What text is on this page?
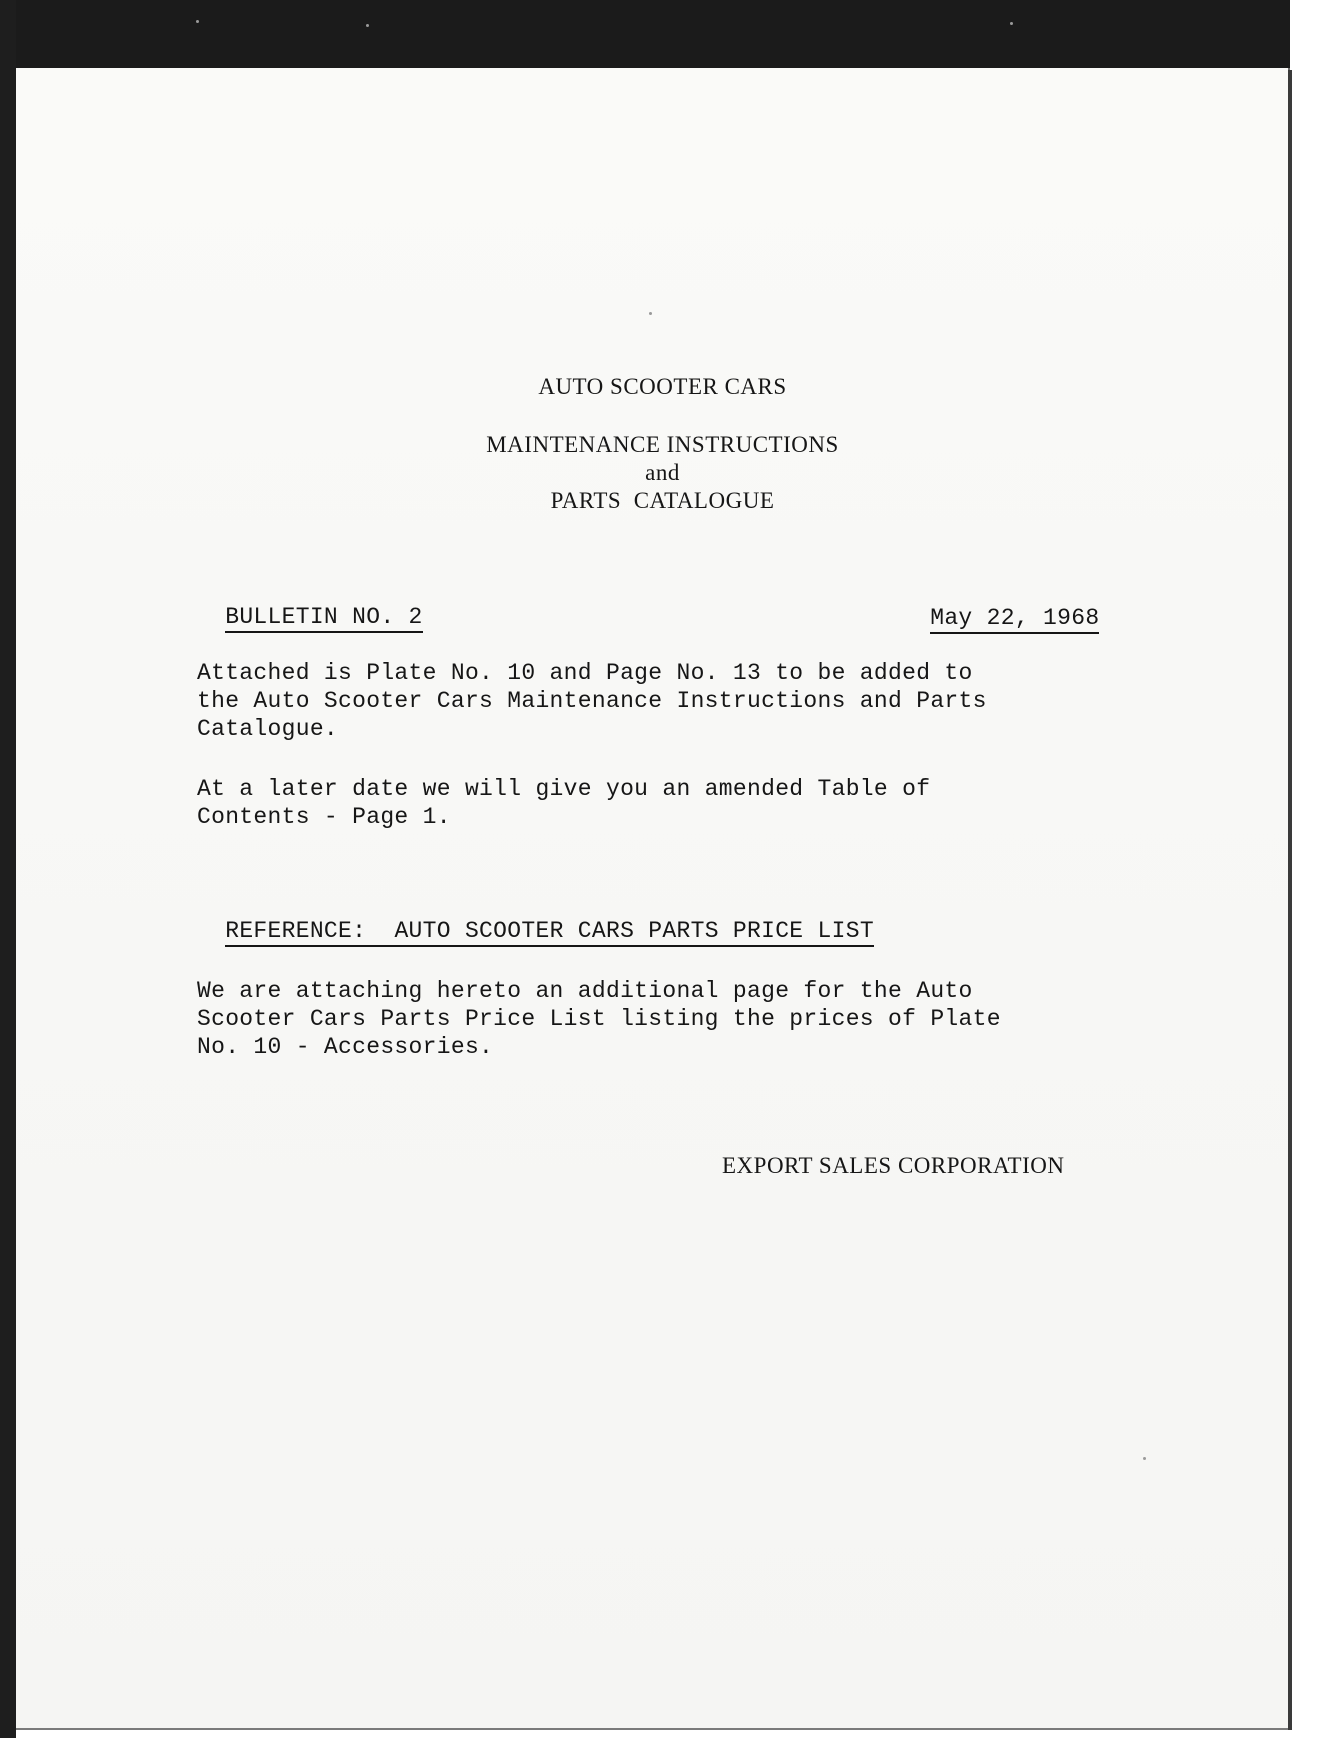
AUTO SCOOTER CARS
MAINTENANCE INSTRUCTIONS
and
PARTS  CATALOGUE

BULLETIN NO. 2	May 22, 1968

Attached is Plate No. 10 and Page No. 13 to be added to
the Auto Scooter Cars Maintenance Instructions and Parts
Catalogue.
At a later date we will give you an amended Table of
Contents - Page 1.

REFERENCE:  AUTO SCOOTER CARS PARTS PRICE LIST

We are attaching hereto an additional page for the Auto
Scooter Cars Parts Price List listing the prices of Plate
No. 10 - Accessories.
EXPORT SALES CORPORATION
